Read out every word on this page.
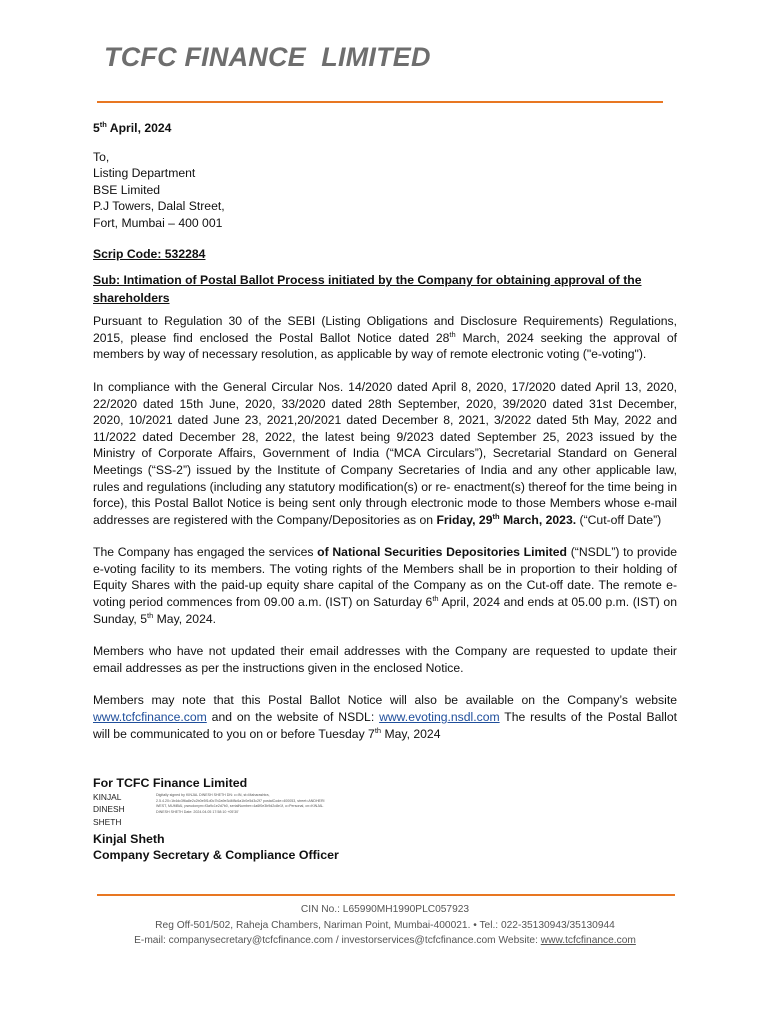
TCFC FINANCE  LIMITED

5th April, 2024

To,
Listing Department
BSE Limited
P.J Towers, Dalal Street,
Fort, Mumbai – 400 001

Scrip Code: 532284

Sub: Intimation of Postal Ballot Process initiated by the Company for obtaining approval of the shareholders

Pursuant to Regulation 30 of the SEBI (Listing Obligations and Disclosure Requirements) Regulations, 2015, please find enclosed the Postal Ballot Notice dated 28th March, 2024 seeking the approval of members by way of necessary resolution, as applicable by way of remote electronic voting ("e-voting").

In compliance with the General Circular Nos. 14/2020 dated April 8, 2020, 17/2020 dated April 13, 2020, 22/2020 dated 15th June, 2020, 33/2020 dated 28th September, 2020, 39/2020 dated 31st December, 2020, 10/2021 dated June 23, 2021,20/2021 dated December 8, 2021, 3/2022 dated 5th May, 2022 and 11/2022 dated December 28, 2022, the latest being 9/2023 dated September 25, 2023 issued by the Ministry of Corporate Affairs, Government of India (“MCA Circulars”), Secretarial Standard on General Meetings (“SS-2”) issued by the Institute of Company Secretaries of India and any other applicable law, rules and regulations (including any statutory modification(s) or re- enactment(s) thereof for the time being in force), this Postal Ballot Notice is being sent only through electronic mode to those Members whose e-mail addresses are registered with the Company/Depositories as on Friday, 29th March, 2023. (“Cut-off Date”)

The Company has engaged the services of National Securities Depositories Limited (“NSDL”) to provide e-voting facility to its members. The voting rights of the Members shall be in proportion to their holding of Equity Shares with the paid-up equity share capital of the Company as on the Cut-off date. The remote e-voting period commences from 09.00 a.m. (IST) on Saturday 6th April, 2024 and ends at 05.00 p.m. (IST) on Sunday, 5th May, 2024.

Members who have not updated their email addresses with the Company are requested to update their email addresses as per the instructions given in the enclosed Notice.

Members may note that this Postal Ballot Notice will also be available on the Company’s website www.tcfcfinance.com and on the website of NSDL: www.evoting.nsdl.com The results of the Postal Ballot will be communicated to you on or before Tuesday 7th May, 2024

For TCFC Finance Limited
KINJAL
DINESH
SHETH
Digitally signed by KINJAL DINESH SHETH DN: c=IN, st=Maharashtra, 2.5.4.20=1b4dc3f6a8e2c2b0e5f1d0c7b2a9e3d4f8c6a1b0e5d3c2f7 postalCode=400053, street=ANDHERI WEST, MUMBAI, pseudonym=f3a9c1e2d7b0, serialNumber=4a6f0e3b9d2c8e1f, o=Personal, cn=KINJAL DINESH SHETH Date: 2024.04.05 17:58:10 +05'30'
Kinjal Sheth
Company Secretary & Compliance Officer
CIN No.: L65990MH1990PLC057923
Reg Off-501/502, Raheja Chambers, Nariman Point, Mumbai-400021. • Tel.: 022-35130943/35130944
E-mail: companysecretary@tcfcfinance.com / investorservices@tcfcfinance.com Website: www.tcfcfinance.com
